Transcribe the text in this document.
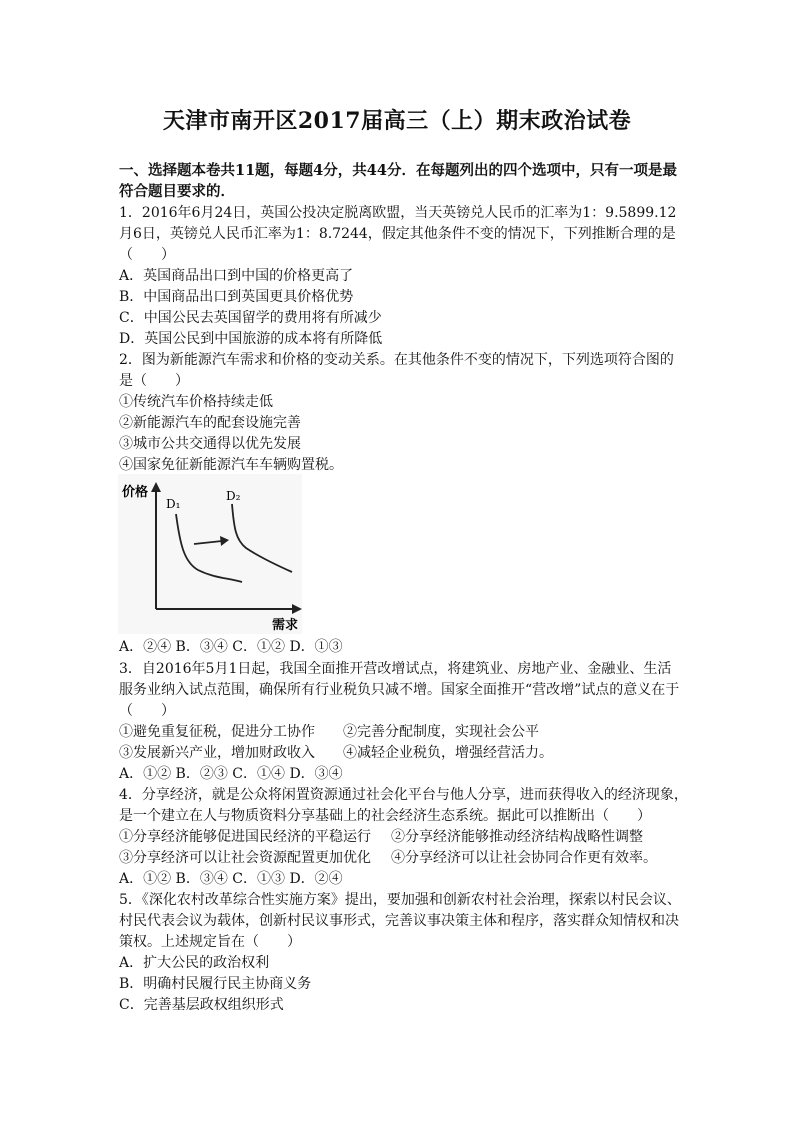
天津市南开区2017届高三（上）期末政治试卷
一、选择题本卷共11题，每题4分，共44分．在每题列出的四个选项中，只有一项是最
符合题目要求的．
1．2016年6月24日，英国公投决定脱离欧盟，当天英镑兑人民币的汇率为1：9.5899.12
月6日，英镑兑人民币汇率为1：8.7244，假定其他条件不变的情况下，下列推断合理的是
（　　）
A．英国商品出口到中国的价格更高了
B．中国商品出口到英国更具价格优势
C．中国公民去英国留学的费用将有所减少
D．英国公民到中国旅游的成本将有所降低
2．图为新能源汽车需求和价格的变动关系。在其他条件不变的情况下，下列选项符合图的
是（　　）
①传统汽车价格持续走低
②新能源汽车的配套设施完善
③城市公共交通得以优先发展
④国家免征新能源汽车车辆购置税。
价格
需求
D₁
D₂
A．②④ B．③④ C．①② D．①③
3．自2016年5月1日起，我国全面推开营改增试点，将建筑业、房地产业、金融业、生活
服务业纳入试点范围，确保所有行业税负只减不增。国家全面推开“营改增”试点的意义在于
（　　）
①避免重复征税，促进分工协作 ②完善分配制度，实现社会公平
③发展新兴产业，增加财政收入 ④减轻企业税负，增强经营活力。
A．①② B．②③ C．①④ D．③④
4．分享经济，就是公众将闲置资源通过社会化平台与他人分享，进而获得收入的经济现象，
是一个建立在人与物质资料分享基础上的社会经济生态系统。据此可以推断出（　　）
①分享经济能够促进国民经济的平稳运行 ②分享经济能够推动经济结构战略性调整
③分享经济可以让社会资源配置更加优化 ④分享经济可以让社会协同合作更有效率。
A．①② B．③④ C．①③ D．②④
5．《深化农村改革综合性实施方案》提出，要加强和创新农村社会治理，探索以村民会议、
村民代表会议为载体，创新村民议事形式，完善议事决策主体和程序，落实群众知情权和决
策权。上述规定旨在（　　）
A．扩大公民的政治权利
B．明确村民履行民主协商义务
C．完善基层政权组织形式
